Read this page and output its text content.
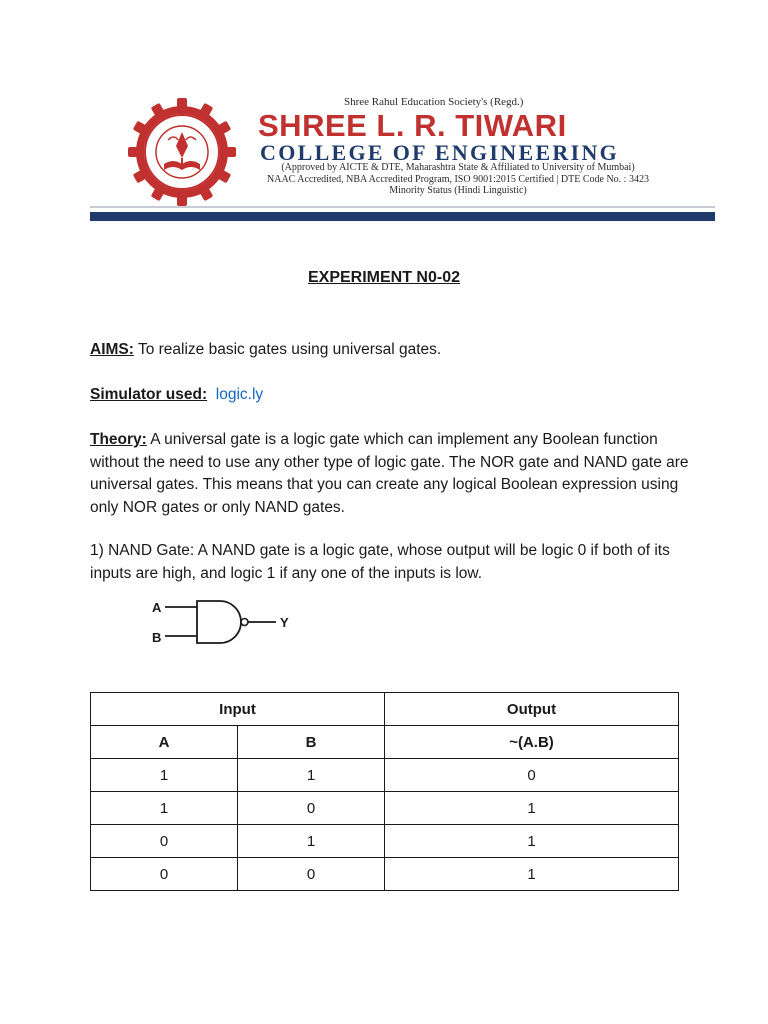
Shree Rahul Education Society's (Regd.)
SHREE L. R. TIWARI
COLLEGE OF ENGINEERING
(Approved by AICTE & DTE, Maharashtra State & Affiliated to University of Mumbai)
NAAC Accredited, NBA Accredited Program, ISO 9001:2015 Certified | DTE Code No. : 3423
Minority Status (Hindi Linguistic)
EXPERIMENT N0-02
AIMS: To realize basic gates using universal gates.
Simulator used: logic.ly
Theory: A universal gate is a logic gate which can implement any Boolean function without the need to use any other type of logic gate. The NOR gate and NAND gate are universal gates. This means that you can create any logical Boolean expression using only NOR gates or only NAND gates.
1) NAND Gate: A NAND gate is a logic gate, whose output will be logic 0 if both of its inputs are high, and logic 1 if any one of the inputs is low.
A
B
Y
Input		Output
A	B	~(A.B)
1	1	0
1	0	1
0	1	1
0	0	1
